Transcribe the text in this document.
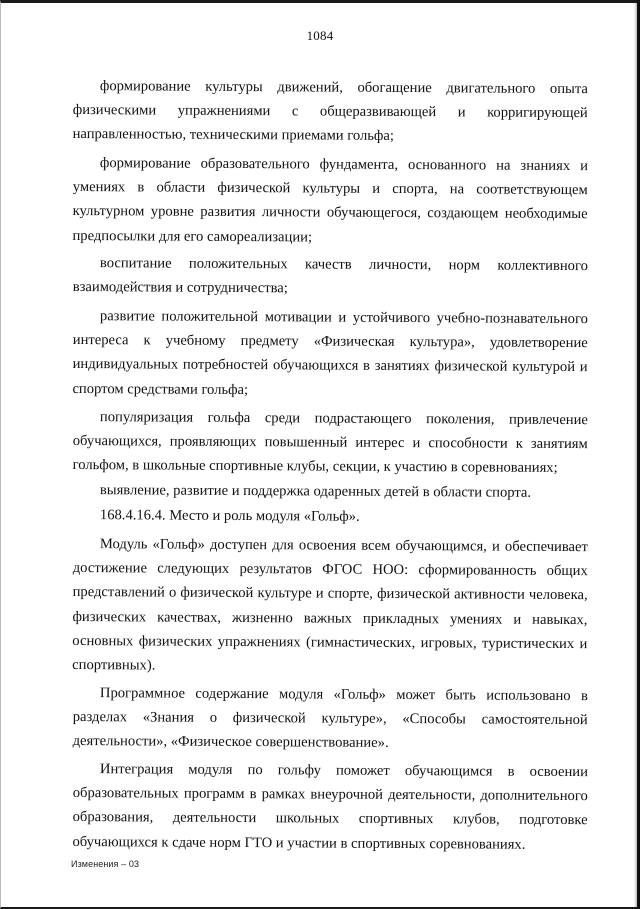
1084

формирование культуры движений, обогащение двигательного опыта физическими упражнениями с общеразвивающей и корригирующей направленностью, техническими приемами гольфа;

формирование образовательного фундамента, основанного на знаниях и умениях в области физической культуры и спорта, на соответствующем культурном уровне развития личности обучающегося, создающем необходимые предпосылки для его самореализации;

воспитание положительных качеств личности, норм коллективного взаимодействия и сотрудничества;

развитие положительной мотивации и устойчивого учебно-познавательного интереса к учебному предмету «Физическая культура», удовлетворение индивидуальных потребностей обучающихся в занятиях физической культурой и спортом средствами гольфа;

популяризация гольфа среди подрастающего поколения, привлечение обучающихся, проявляющих повышенный интерес и способности к занятиям гольфом, в школьные спортивные клубы, секции, к участию в соревнованиях;

выявление, развитие и поддержка одаренных детей в области спорта.

168.4.16.4. Место и роль модуля «Гольф».

Модуль «Гольф» доступен для освоения всем обучающимся, и обеспечивает достижение следующих результатов ФГОС НОО: сформированность общих представлений о физической культуре и спорте, физической активности человека, физических качествах, жизненно важных прикладных умениях и навыках, основных физических упражнениях (гимнастических, игровых, туристических и спортивных).

Программное содержание модуля «Гольф» может быть использовано в разделах «Знания о физической культуре», «Способы самостоятельной деятельности», «Физическое совершенствование».

Интеграция модуля по гольфу поможет обучающимся в освоении образовательных программ в рамках внеурочной деятельности, дополнительного образования, деятельности школьных спортивных клубов, подготовке обучающихся к сдаче норм ГТО и участии в спортивных соревнованиях.

Изменения – 03
